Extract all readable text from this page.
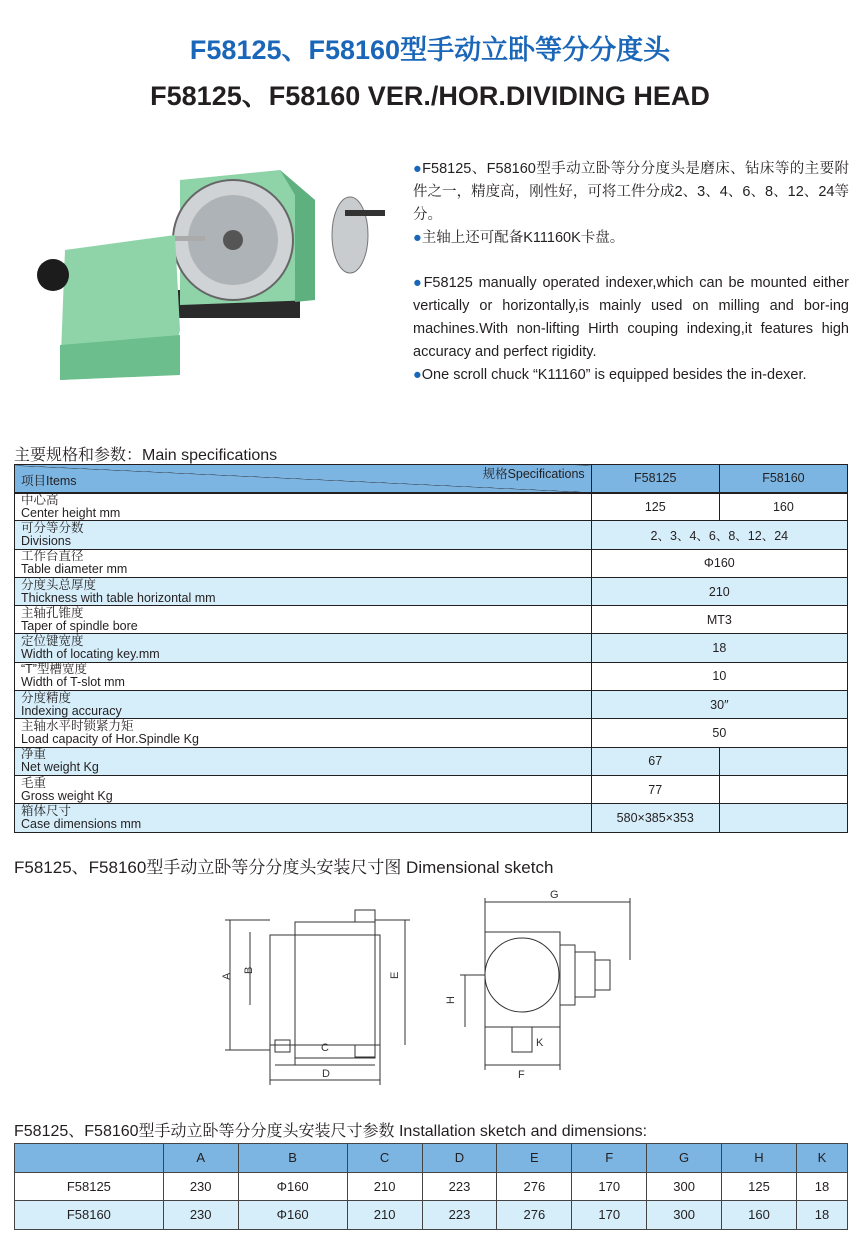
F58125、F58160型手动立卧等分分度头
F58125、F58160 VER./HOR.DIVIDING HEAD

●F58125、F58160型手动立卧等分分度头是磨床、钻床等的主要附件之一，精度高，刚性好，可将工件分成2、3、4、6、8、12、24等分。

●主轴上还可配备K11160K卡盘。

●F58125 manually operated indexer,which can be mounted either vertically or horizontally,is mainly used on milling and bor-ing machines.With non-lifting Hirth couping indexing,it features high accuracy and perfect rigidity.

●One scroll chuck “K11160” is equipped besides the in-dexer.

主要规格和参数：Main specifications
项目Items 规格Specifications	F58125	F58160

中心高
Center height mm	125	160

可分等分数
Divisions	2、3、4、6、8、12、24	

工作台直径
Table diameter mm	Φ160	

分度头总厚度
Thickness with table horizontal mm	210	

主轴孔锥度
Taper of spindle bore	MT3	

定位键宽度
Width of locating key.mm	18	

“T”型槽宽度
Width of T-slot mm	10	

分度精度
Indexing accuracy	30″	

主轴水平时锁紧力矩
Load capacity of Hor.Spindle Kg	50	

净重
Net weight Kg	67	

毛重
Gross weight Kg	77	

箱体尺寸
Case dimensions mm	580×385×353	
F58125、F58160型手动立卧等分分度头安装尺寸图 Dimensional sketch
A
B
C
D
E
F
G
H
K
F58125、F58160型手动立卧等分分度头安装尺寸参数 Installation sketch and dimensions:
	A	B	C	D	E	F	G	H	K
F58125	230	Φ160	210	223	276	170	300	125	18
F58160	230	Φ160	210	223	276	170	300	160	18
